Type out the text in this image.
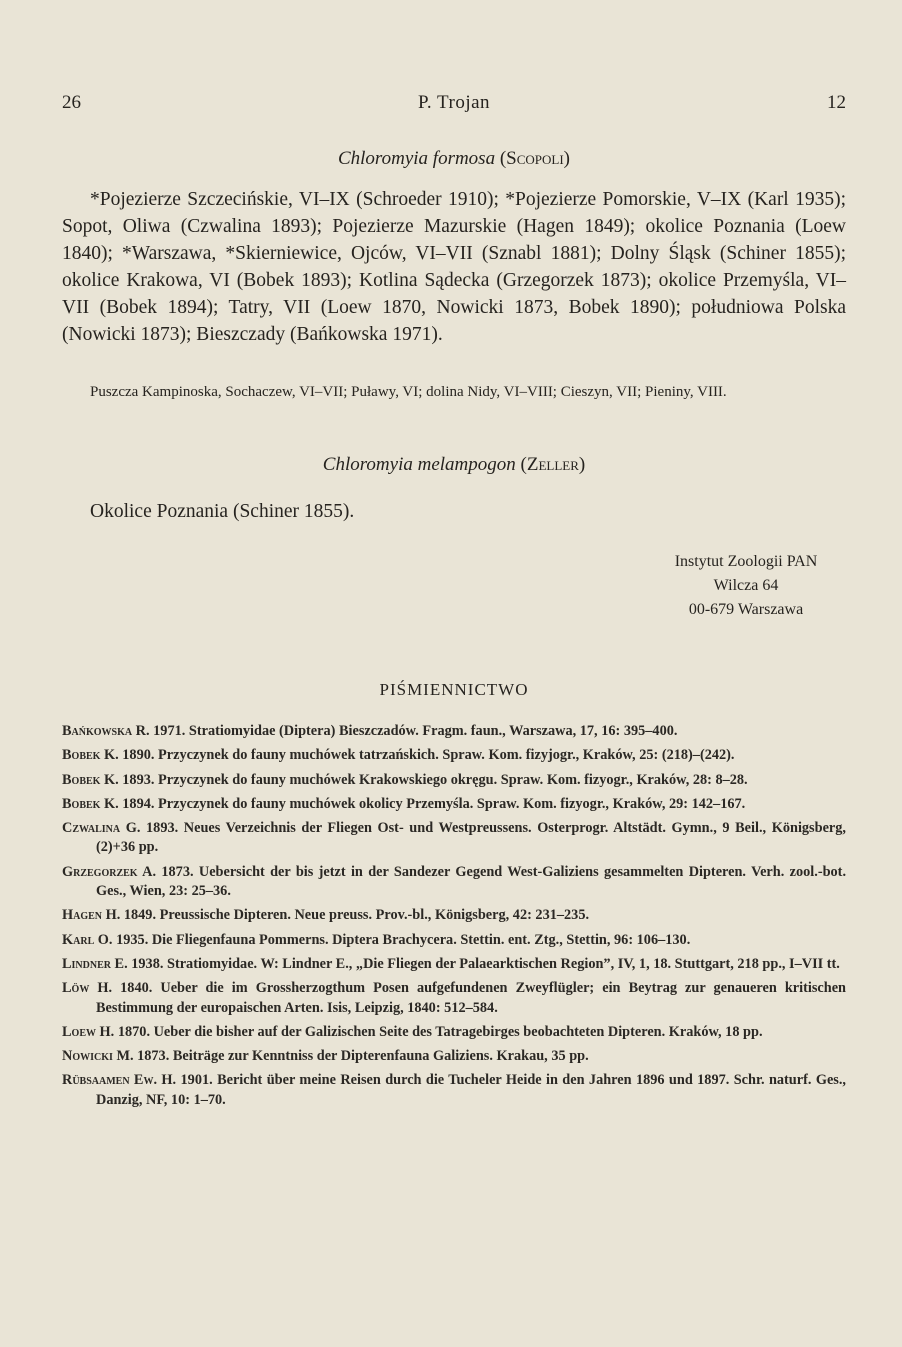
26	P. Trojan	12
Chloromyia formosa (Scopoli)
*Pojezierze Szczecińskie, VI–IX (Schroeder 1910); *Pojezierze Pomorskie, V–IX (Karl 1935); Sopot, Oliwa (Czwalina 1893); Pojezierze Mazurskie (Hagen 1849); okolice Poznania (Loew 1840); *Warszawa, *Skierniewice, Ojców, VI–VII (Sznabl 1881); Dolny Śląsk (Schiner 1855); okolice Krakowa, VI (Bobek 1893); Kotlina Sądecka (Grzegorzek 1873); okolice Przemyśla, VI–VII (Bobek 1894); Tatry, VII (Loew 1870, Nowicki 1873, Bobek 1890); południowa Polska (Nowicki 1873); Bieszczady (Bańkowska 1971).
Puszcza Kampinoska, Sochaczew, VI–VII; Puławy, VI; dolina Nidy, VI–VIII; Cieszyn, VII; Pieniny, VIII.
Chloromyia melampogon (Zeller)
Okolice Poznania (Schiner 1855).
Instytut Zoologii PAN
Wilcza 64
00-679 Warszawa
PIŚMIENNICTWO
Bańkowska R. 1971. Stratiomyidae (Diptera) Bieszczadów. Fragm. faun., Warszawa, 17, 16: 395–400.
Bobek K. 1890. Przyczynek do fauny muchówek tatrzańskich. Spraw. Kom. fizyjogr., Kraków, 25: (218)–(242).
Bobek K. 1893. Przyczynek do fauny muchówek Krakowskiego okręgu. Spraw. Kom. fizyogr., Kraków, 28: 8–28.
Bobek K. 1894. Przyczynek do fauny muchówek okolicy Przemyśla. Spraw. Kom. fizyogr., Kraków, 29: 142–167.
Czwalina G. 1893. Neues Verzeichnis der Fliegen Ost- und Westpreussens. Osterprogr. Altstädt. Gymn., 9 Beil., Königsberg, (2)+36 pp.
Grzegorzek A. 1873. Uebersicht der bis jetzt in der Sandezer Gegend West-Galiziens gesammelten Dipteren. Verh. zool.-bot. Ges., Wien, 23: 25–36.
Hagen H. 1849. Preussische Dipteren. Neue preuss. Prov.-bl., Königsberg, 42: 231–235.
Karl O. 1935. Die Fliegenfauna Pommerns. Diptera Brachycera. Stettin. ent. Ztg., Stettin, 96: 106–130.
Lindner E. 1938. Stratiomyidae. W: Lindner E., „Die Fliegen der Palaearktischen Region”, IV, 1, 18. Stuttgart, 218 pp., I–VII tt.
Löw H. 1840. Ueber die im Grossherzogthum Posen aufgefundenen Zweyflügler; ein Beytrag zur genaueren kritischen Bestimmung der europaischen Arten. Isis, Leipzig, 1840: 512–584.
Loew H. 1870. Ueber die bisher auf der Galizischen Seite des Tatragebirges beobachteten Dipteren. Kraków, 18 pp.
Nowicki M. 1873. Beiträge zur Kenntniss der Dipterenfauna Galiziens. Krakau, 35 pp.
Rübsaamen Ew. H. 1901. Bericht über meine Reisen durch die Tucheler Heide in den Jahren 1896 und 1897. Schr. naturf. Ges., Danzig, NF, 10: 1–70.
